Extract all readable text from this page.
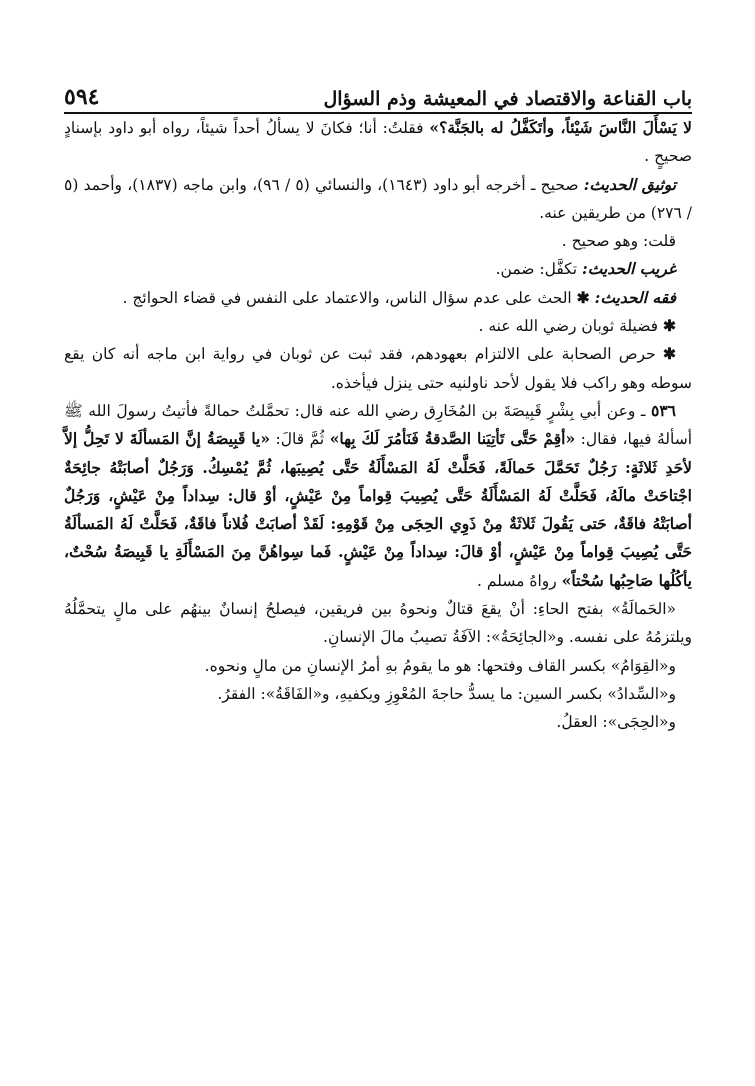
باب القناعة والاقتصاد في المعيشة وذم السؤال
٥٩٤

لا يَسْأَلَ النَّاسَ شَيْئاً، وأتَكَفَّلُ له بالجَنَّة؟» فقلتُ: أنا؛ فكانَ لا يسألُ أحداً شيئاً، رواه أبو داود بإسنادٍ صحيحٍ .

توثيق الحديث: صحيح ـ أخرجه أبو داود (١٦٤٣)، والنسائي (٥ / ٩٦)، وابن ماجه (١٨٣٧)، وأحمد (٥ / ٢٧٦) من طريقين عنه.

قلت: وهو صحيح .

غريب الحديث: تكفَّل: ضمن.

فقه الحديث: ✱ الحث على عدم سؤال الناس، والاعتماد على النفس في قضاء الحوائج .

✱ فضيلة ثوبان رضي الله عنه .

✱ حرص الصحابة على الالتزام بعهودهم، فقد ثبت عن ثوبان في رواية ابن ماجه أنه كان يقع سوطه وهو راكب فلا يقول لأحد ناولنيه حتى ينزل فيأخذه.

٥٣٦ ـ وعن أبي بِشْرٍ قَبِيصَةَ بن المُخَارِق رضي الله عنه قال: تحمَّلتُ حمالةً فأتيتُ رسولَ الله ﷺ أسألهُ فيها، فقال: «أقِمْ حَتَّى تَأتِيَنا الصَّدقةُ فَنَأمُرَ لَكَ بِها» ثُمَّ قالَ: «يا قَبِيصَةُ إنَّ المَسألَةَ لا تَحِلُّ إلاَّ لأحَدِ ثَلاثَةٍ: رَجُلٌ تَحَمَّلَ حَمالَةً، فَحَلَّتْ لَهُ المَسْأَلَةُ حَتَّى يُصِيبَها، ثُمَّ يُمْسِكُ. وَرَجُلٌ أصابَتْهُ جائِحَةٌ اجْتاحَتْ مالَهُ، فَحَلَّتْ لَهُ المَسْأَلَةُ حَتَّى يُصِيبَ قِواماً مِنْ عَيْشٍ، أوْ قال: سِداداً مِنْ عَيْشٍ، وَرَجُلٌ أصابَتْهُ فاقَةٌ، حَتى يَقُولَ ثَلاثَةٌ مِنْ ذَوِي الحِجَى مِنْ قَوْمِهِ: لَقَدْ أصابَتْ فُلاناً فاقَةٌ، فَحَلَّتْ لَهُ المَسألَةُ حَتَّى يُصِيبَ قِواماً مِنْ عَيْشٍ، أوْ قالَ: سِداداً مِنْ عَيْشٍ. فَما سِواهُنَّ مِنَ المَسْأَلَةِ يا قَبِيصَةُ سُحْتٌ، يأكُلُها صَاحِبُها سُحْتاً» رواهُ مسلم .

«الحَمالَةُ» بفتح الحاءِ: أنْ يقعَ قتالٌ ونحوهُ بين فريقين، فيصلحُ إنسانٌ بينهُم على مالٍ يتحمَّلُهُ ويلتزمُهُ على نفسه. و«الجائِحَةُ»: الآفَةُ تصيبُ مالَ الإنسانِ.

و«القِوَامُ» بكسر القاف وفتحها: هو ما يقومُ بهِ أمرُ الإنسانِ من مالٍ ونحوه.

و«السِّدادُ» بكسر السين: ما يسدُّ حاجةَ المُعْوِزِ ويكفيهِ، و«الفَاقَةُ»: الفقرُ.

و«الحِجَى»: العقلُ.
